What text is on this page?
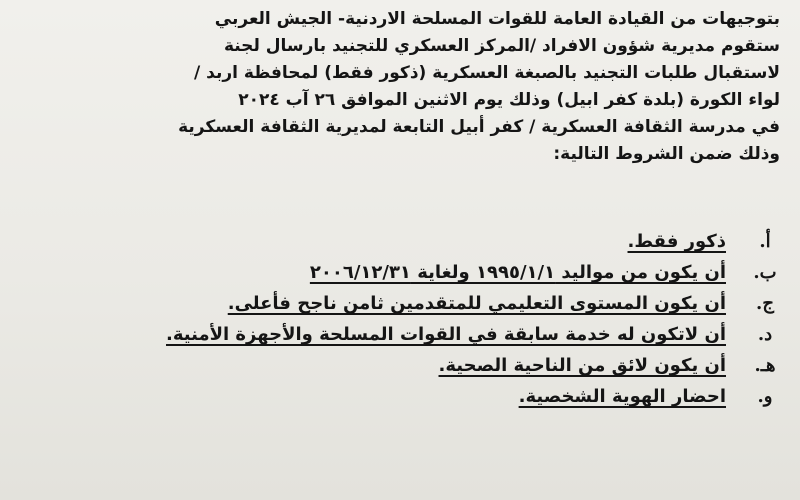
بتوجيهات من القيادة العامة للقوات المسلحة الاردنية- الجيش العربي
ستقوم مديرية شؤون الافراد /المركز العسكري للتجنيد بارسال لجنة
لاستقبال طلبات التجنيد بالصبغة العسكرية (ذكور فقط) لمحافظة اربد /
لواء الكورة (بلدة كفر ابيل) وذلك يوم الاثنين الموافق ٢٦ آب ٢٠٢٤
في مدرسة الثقافة العسكرية / كفر أبيل التابعة لمديرية الثقافة العسكرية
وذلك ضمن الشروط التالية:
أ.
ذكور فقط.
ب.
أن يكون من مواليد ١٩٩٥/١/١ ولغاية ٢٠٠٦/١٢/٣١
ج.
أن يكون المستوى التعليمي للمتقدمين ثامن ناجح فأعلى.
د.
أن لاتكون له خدمة سابقة في القوات المسلحة والأجهزة الأمنية.
هـ.
أن يكون لائق من الناحية الصحية.
و.
احضار الهوية الشخصية.
